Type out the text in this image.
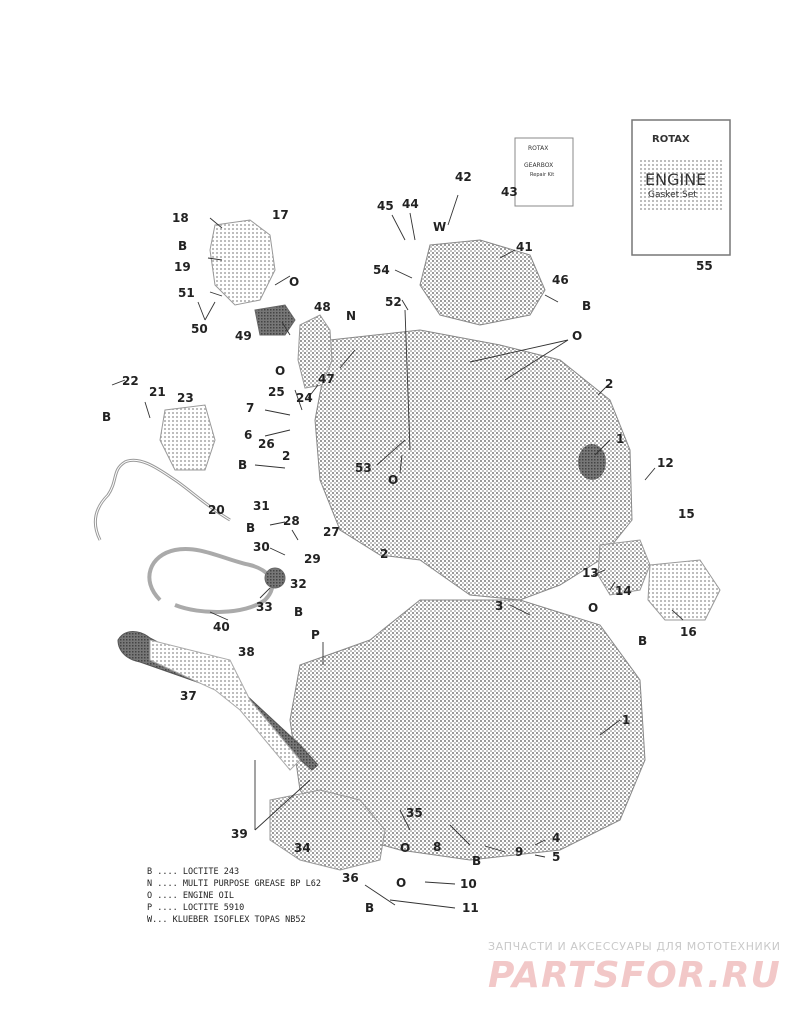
ROTAX
ENGINE
Gasket Set
ROTAX
GEARBOX
Repair Kit
1
1
2
2
2
3
4
5
6
7
8	9
10
11
12
13
14
15
16
17
18
19
20
21
22
23	24
25
26
27
28
29
30
31
32
33
34
35
36
37
38
39
40
41
42
43
44
45
46
47
48
49
50
51
52
53
54	55
B
B
B
B
B
B
B
B
B
O
O
O
O
O
O
O
N
W
P
B .... LOCTITE 243
N .... MULTI PURPOSE GREASE BP L62
O .... ENGINE OIL
P .... LOCTITE 5910
W... KLUEBER ISOFLEX TOPAS NB52
ЗАПЧАСТИ И АКСЕССУАРЫ ДЛЯ МОТОТЕХНИКИ
PARTSFOR.RU
